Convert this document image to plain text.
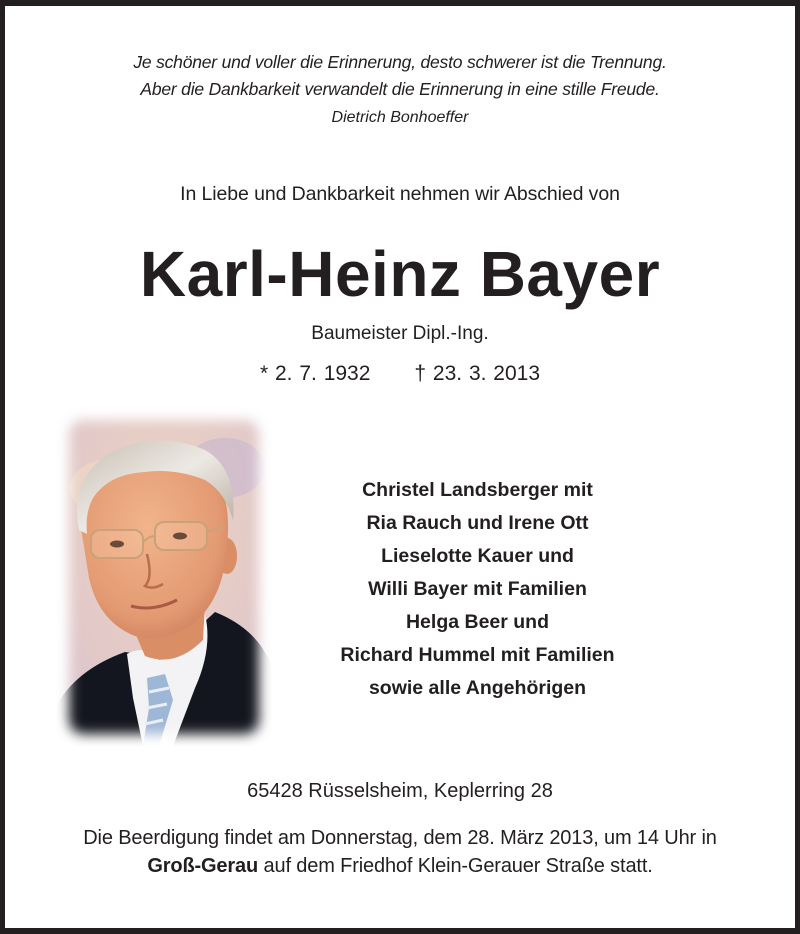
Je schöner und voller die Erinnerung, desto schwerer ist die Trennung.
Aber die Dankbarkeit verwandelt die Erinnerung in eine stille Freude.
Dietrich Bonhoeffer
In Liebe und Dankbarkeit nehmen wir Abschied von
Karl-Heinz Bayer
Baumeister Dipl.-Ing.
* 2. 7. 1932 † 23. 3. 2013
Christel Landsberger mit
Ria Rauch und Irene Ott
Lieselotte Kauer und
Willi Bayer mit Familien
Helga Beer und
Richard Hummel mit Familien
sowie alle Angehörigen
65428 Rüsselsheim, Keplerring 28
Die Beerdigung findet am Donnerstag, dem 28. März 2013, um 14 Uhr in
Groß-Gerau auf dem Friedhof Klein-Gerauer Straße statt.
